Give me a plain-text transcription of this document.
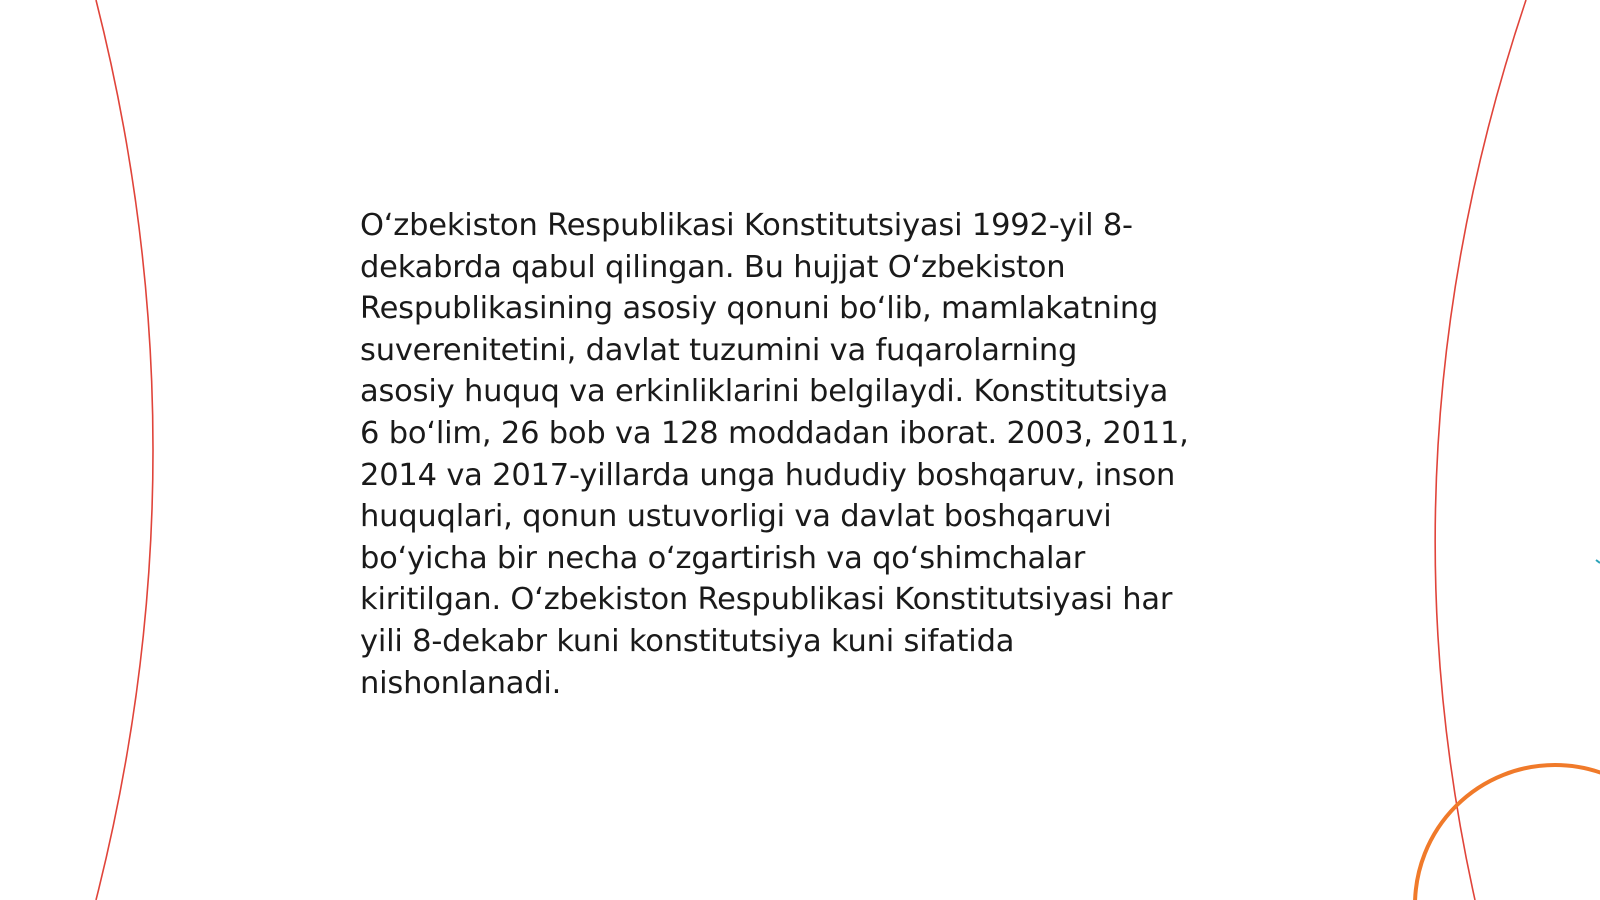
O‘zbekiston Respublikasi Konstitutsiyasi 1992-yil 8-
dekabrda qabul qilingan. Bu hujjat O‘zbekiston
Respublikasining asosiy qonuni bo‘lib, mamlakatning
suverenitetini, davlat tuzumini va fuqarolarning
asosiy huquq va erkinliklarini belgilaydi. Konstitutsiya
6 bo‘lim, 26 bob va 128 moddadan iborat. 2003, 2011,
2014 va 2017-yillarda unga hududiy boshqaruv, inson
huquqlari, qonun ustuvorligi va davlat boshqaruvi
bo‘yicha bir necha o‘zgartirish va qo‘shimchalar
kiritilgan. O‘zbekiston Respublikasi Konstitutsiyasi har
yili 8-dekabr kuni konstitutsiya kuni sifatida
nishonlanadi.
